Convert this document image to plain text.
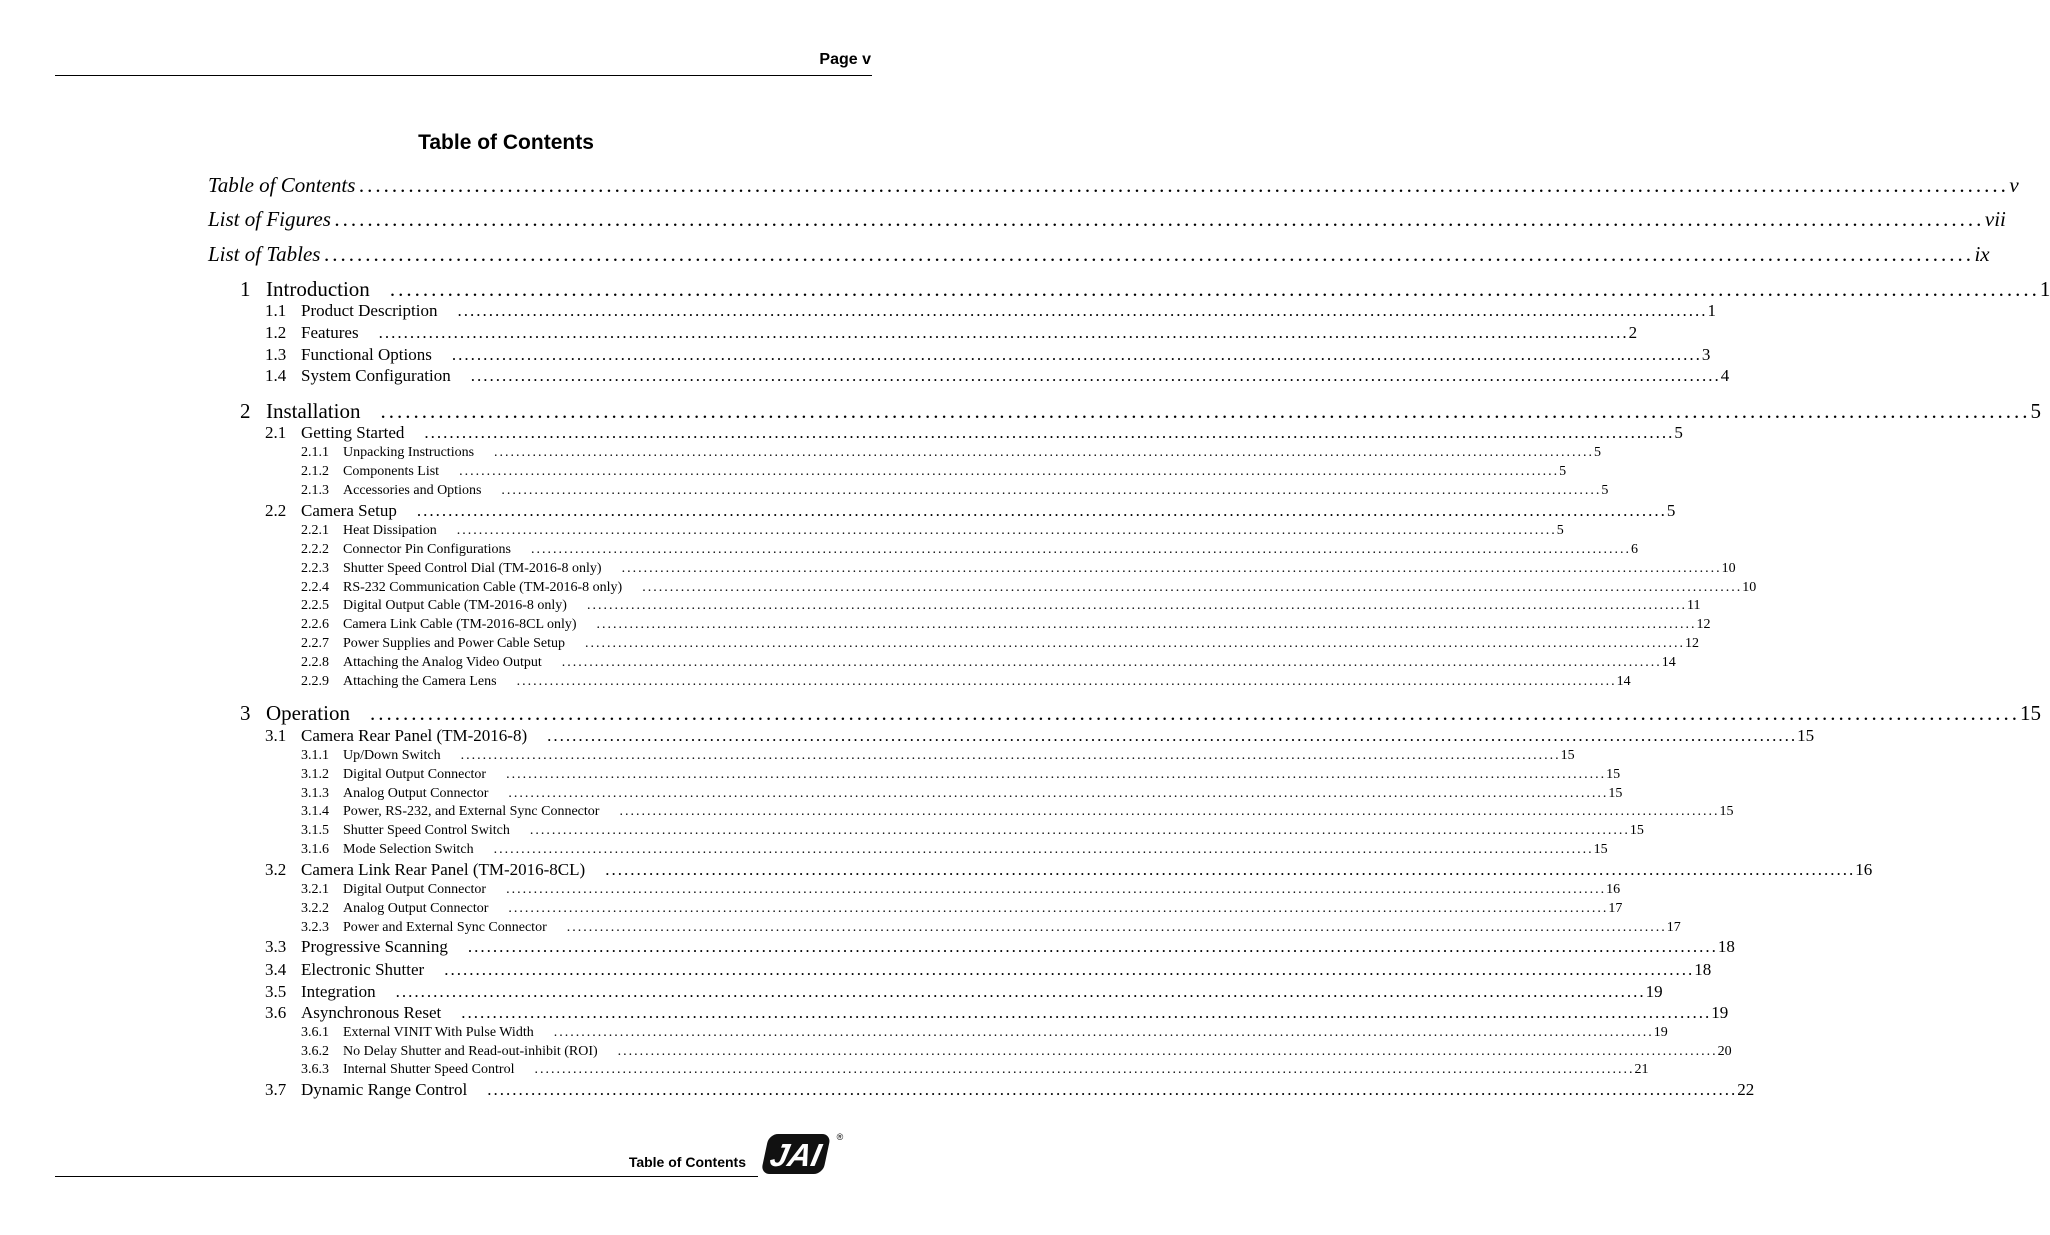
Page v
Table of Contents
Table of Contents ........................................................................................................................................................................................................ v
List of Figures ........................................................................................................................................................................................................ vii
List of Tables ........................................................................................................................................................................................................ ix
1 Introduction ........................................................................................................................................................................................................ 1
1.1 Product Description	........................................................................................................................................................................................................ 1
1.2 Features	........................................................................................................................................................................................................ 2
1.3 Functional Options	........................................................................................................................................................................................................ 3
1.4 System Configuration	........................................................................................................................................................................................................ 4
2 Installation ........................................................................................................................................................................................................ 5
2.1 Getting Started	........................................................................................................................................................................................................ 5
2.1.1	Unpacking Instructions	........................................................................................................................................................................................................ 5
2.1.2	Components List	........................................................................................................................................................................................................ 5
2.1.3	Accessories and Options	........................................................................................................................................................................................................ 5
2.2 Camera Setup	........................................................................................................................................................................................................ 5
2.2.1	Heat Dissipation	........................................................................................................................................................................................................ 5
2.2.2	Connector Pin Configurations	........................................................................................................................................................................................................ 6
2.2.3	Shutter Speed Control Dial (TM-2016-8 only)	........................................................................................................................................................................................................ 10
2.2.4	RS-232 Communication Cable (TM-2016-8 only)	........................................................................................................................................................................................................ 10
2.2.5	Digital Output Cable (TM-2016-8 only)	........................................................................................................................................................................................................ 11
2.2.6	Camera Link Cable (TM-2016-8CL only)	........................................................................................................................................................................................................ 12
2.2.7	Power Supplies and Power Cable Setup	........................................................................................................................................................................................................ 12
2.2.8	Attaching the Analog Video Output	........................................................................................................................................................................................................ 14
2.2.9	Attaching the Camera Lens	........................................................................................................................................................................................................ 14
3 Operation ........................................................................................................................................................................................................ 15
3.1 Camera Rear Panel (TM-2016-8)	........................................................................................................................................................................................................ 15
3.1.1	Up/Down Switch	........................................................................................................................................................................................................ 15
3.1.2	Digital Output Connector	........................................................................................................................................................................................................ 15
3.1.3	Analog Output Connector	........................................................................................................................................................................................................ 15
3.1.4	Power, RS-232, and External Sync Connector	........................................................................................................................................................................................................ 15
3.1.5	Shutter Speed Control Switch	........................................................................................................................................................................................................ 15
3.1.6	Mode Selection Switch	........................................................................................................................................................................................................ 15
3.2 Camera Link Rear Panel (TM-2016-8CL)	........................................................................................................................................................................................................ 16
3.2.1	Digital Output Connector	........................................................................................................................................................................................................ 16
3.2.2	Analog Output Connector	........................................................................................................................................................................................................ 17
3.2.3	Power and External Sync Connector	........................................................................................................................................................................................................ 17
3.3 Progressive Scanning	........................................................................................................................................................................................................ 18
3.4 Electronic Shutter	........................................................................................................................................................................................................ 18
3.5 Integration	........................................................................................................................................................................................................ 19
3.6 Asynchronous Reset	........................................................................................................................................................................................................ 19
3.6.1	External VINIT With Pulse Width	........................................................................................................................................................................................................ 19
3.6.2	No Delay Shutter and Read-out-inhibit (ROI)	........................................................................................................................................................................................................ 20
3.6.3	Internal Shutter Speed Control	........................................................................................................................................................................................................ 21
3.7 Dynamic Range Control	........................................................................................................................................................................................................ 22
Table of Contents JAI
®
